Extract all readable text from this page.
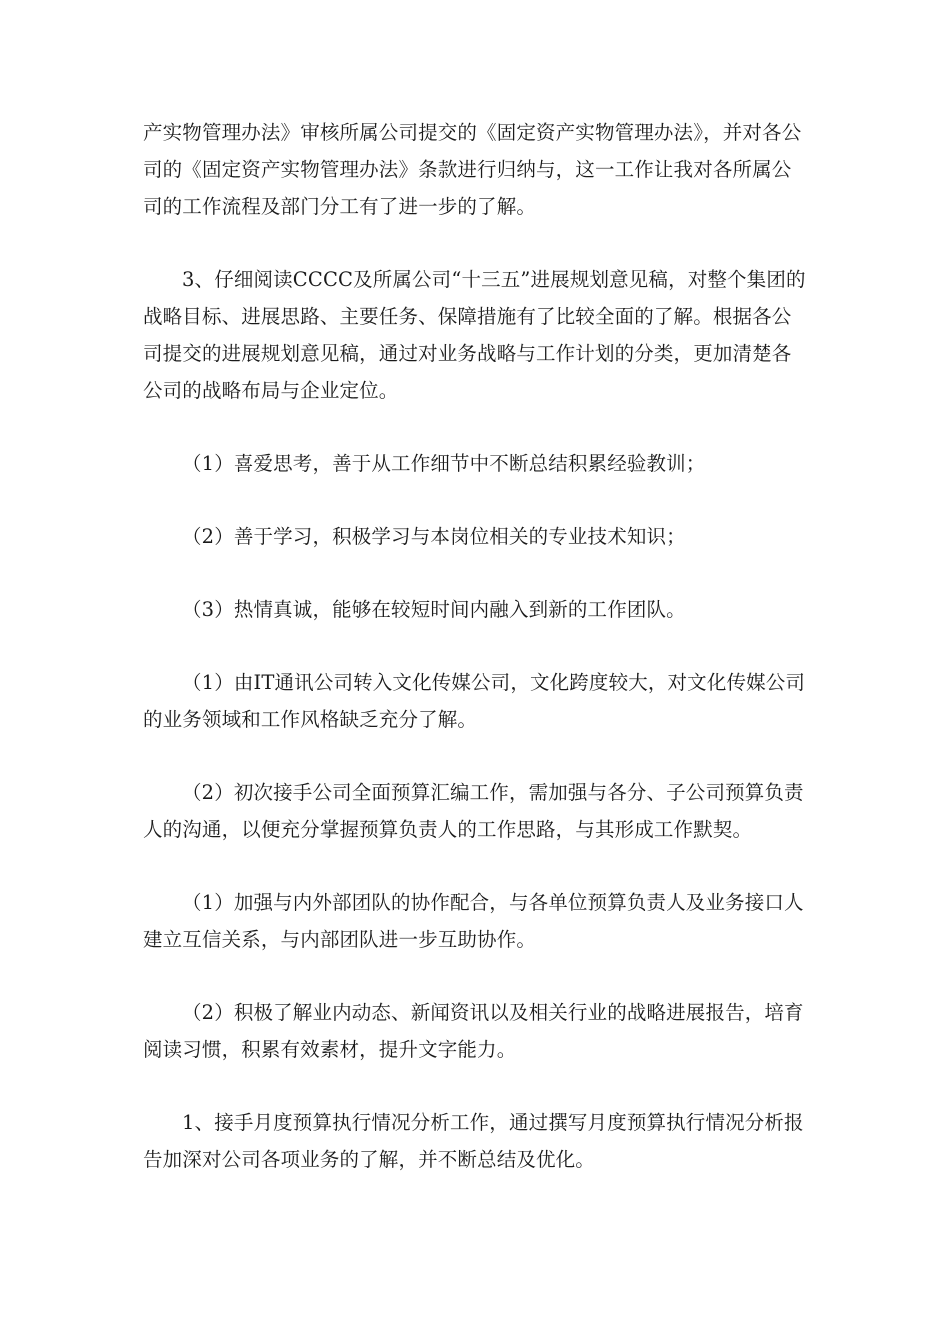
产实物管理办法》审核所属公司提交的《固定资产实物管理办法》，并对各公司的《固定资产实物管理办法》条款进行归纳与，这一工作让我对各所属公司的工作流程及部门分工有了进一步的了解。

3、仔细阅读CCCC及所属公司“十三五”进展规划意见稿，对整个集团的战略目标、进展思路、主要任务、保障措施有了比较全面的了解。根据各公司提交的进展规划意见稿，通过对业务战略与工作计划的分类，更加清楚各公司的战略布局与企业定位。

（1）喜爱思考，善于从工作细节中不断总结积累经验教训；

（2）善于学习，积极学习与本岗位相关的专业技术知识；

（3）热情真诚，能够在较短时间内融入到新的工作团队。

（1）由IT通讯公司转入文化传媒公司，文化跨度较大，对文化传媒公司的业务领域和工作风格缺乏充分了解。

（2）初次接手公司全面预算汇编工作，需加强与各分、子公司预算负责人的沟通，以便充分掌握预算负责人的工作思路，与其形成工作默契。

（1）加强与内外部团队的协作配合，与各单位预算负责人及业务接口人建立互信关系，与内部团队进一步互助协作。

（2）积极了解业内动态、新闻资讯以及相关行业的战略进展报告，培育阅读习惯，积累有效素材，提升文字能力。

1、接手月度预算执行情况分析工作，通过撰写月度预算执行情况分析报告加深对公司各项业务的了解，并不断总结及优化。
